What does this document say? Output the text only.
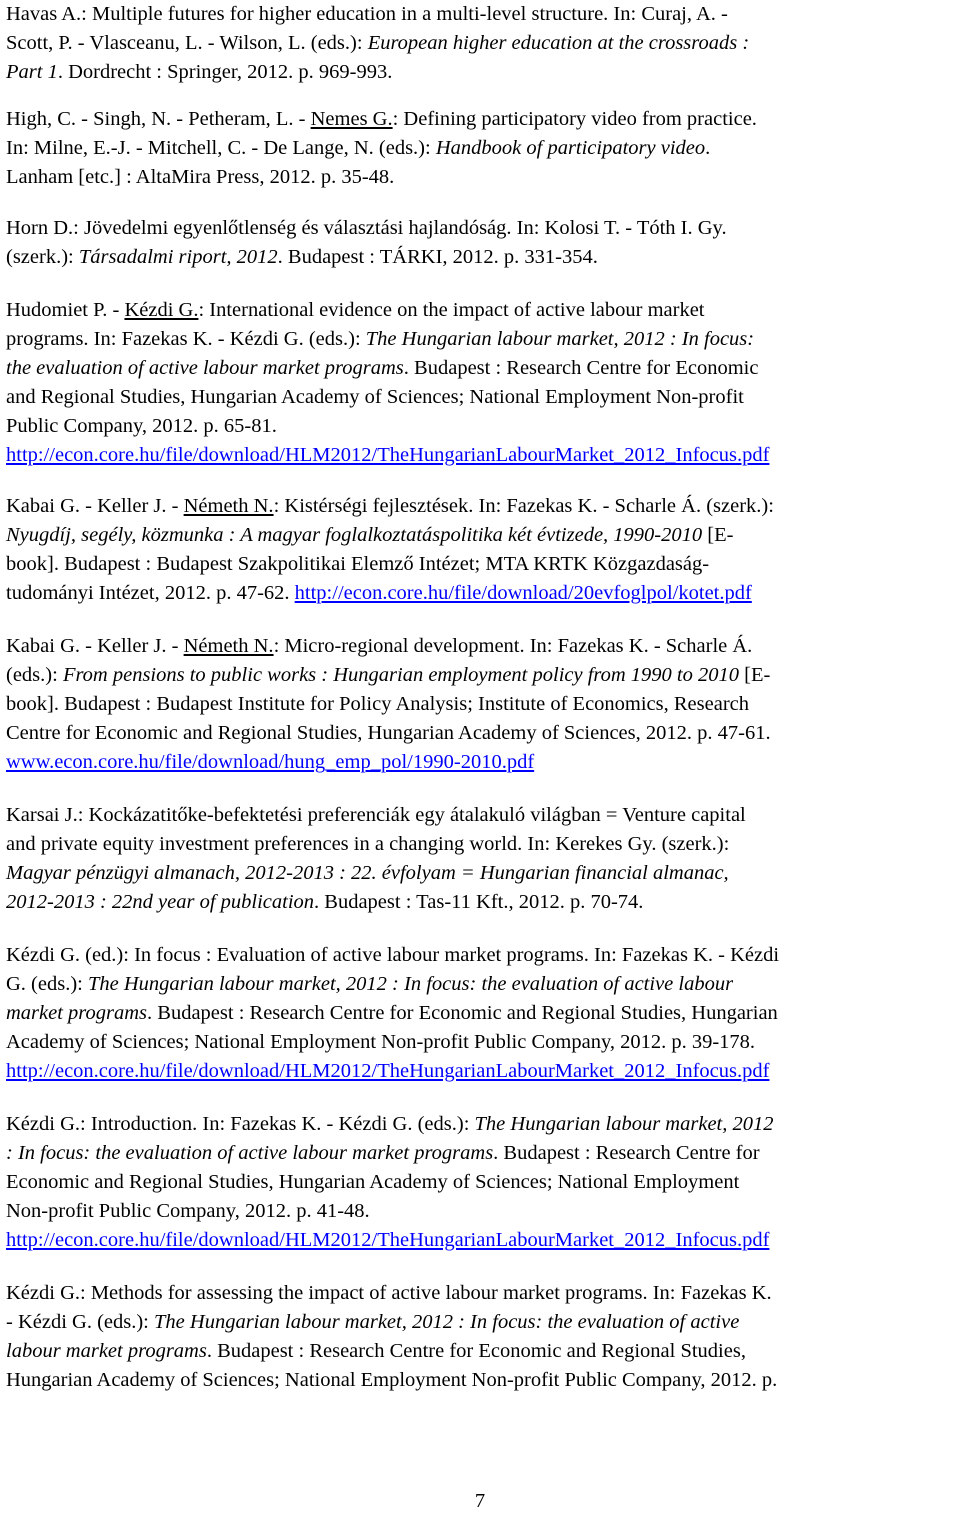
Havas A.: Multiple futures for higher education in a multi-level structure. In: Curaj, A. -
Scott, P. - Vlasceanu, L. - Wilson, L. (eds.): European higher education at the crossroads :
Part 1. Dordrecht : Springer, 2012. p. 969-993.
High, C. - Singh, N. - Petheram, L. - Nemes G.: Defining participatory video from practice.
In: Milne, E.-J. - Mitchell, C. - De Lange, N. (eds.): Handbook of participatory video.
Lanham [etc.] : AltaMira Press, 2012. p. 35-48.
Horn D.: Jövedelmi egyenlőtlenség és választási hajlandóság. In: Kolosi T. - Tóth I. Gy.
(szerk.): Társadalmi riport, 2012. Budapest : TÁRKI, 2012. p. 331-354.
Hudomiet P. - Kézdi G.: International evidence on the impact of active labour market
programs. In: Fazekas K. - Kézdi G. (eds.): The Hungarian labour market, 2012 : In focus:
the evaluation of active labour market programs. Budapest : Research Centre for Economic
and Regional Studies, Hungarian Academy of Sciences; National Employment Non-profit
Public Company, 2012. p. 65-81.
http://econ.core.hu/file/download/HLM2012/TheHungarianLabourMarket_2012_Infocus.pdf
Kabai G. - Keller J. - Németh N.: Kistérségi fejlesztések. In: Fazekas K. - Scharle Á. (szerk.):
Nyugdíj, segély, közmunka : A magyar foglalkoztatáspolitika két évtizede, 1990-2010 [E-
book]. Budapest : Budapest Szakpolitikai Elemző Intézet; MTA KRTK Közgazdaság-
tudományi Intézet, 2012. p. 47-62. http://econ.core.hu/file/download/20evfoglpol/kotet.pdf
Kabai G. - Keller J. - Németh N.: Micro-regional development. In: Fazekas K. - Scharle Á.
(eds.): From pensions to public works : Hungarian employment policy from 1990 to 2010 [E-
book]. Budapest : Budapest Institute for Policy Analysis; Institute of Economics, Research
Centre for Economic and Regional Studies, Hungarian Academy of Sciences, 2012. p. 47-61.
www.econ.core.hu/file/download/hung_emp_pol/1990-2010.pdf
Karsai J.: Kockázatitőke-befektetési preferenciák egy átalakuló világban = Venture capital
and private equity investment preferences in a changing world. In: Kerekes Gy. (szerk.):
Magyar pénzügyi almanach, 2012-2013 : 22. évfolyam = Hungarian financial almanac,
2012-2013 : 22nd year of publication. Budapest : Tas-11 Kft., 2012. p. 70-74.
Kézdi G. (ed.): In focus : Evaluation of active labour market programs. In: Fazekas K. - Kézdi
G. (eds.): The Hungarian labour market, 2012 : In focus: the evaluation of active labour
market programs. Budapest : Research Centre for Economic and Regional Studies, Hungarian
Academy of Sciences; National Employment Non-profit Public Company, 2012. p. 39-178.
http://econ.core.hu/file/download/HLM2012/TheHungarianLabourMarket_2012_Infocus.pdf
Kézdi G.: Introduction. In: Fazekas K. - Kézdi G. (eds.): The Hungarian labour market, 2012
: In focus: the evaluation of active labour market programs. Budapest : Research Centre for
Economic and Regional Studies, Hungarian Academy of Sciences; National Employment
Non-profit Public Company, 2012. p. 41-48.
http://econ.core.hu/file/download/HLM2012/TheHungarianLabourMarket_2012_Infocus.pdf
Kézdi G.: Methods for assessing the impact of active labour market programs. In: Fazekas K.
- Kézdi G. (eds.): The Hungarian labour market, 2012 : In focus: the evaluation of active
labour market programs. Budapest : Research Centre for Economic and Regional Studies,
Hungarian Academy of Sciences; National Employment Non-profit Public Company, 2012. p.
7
